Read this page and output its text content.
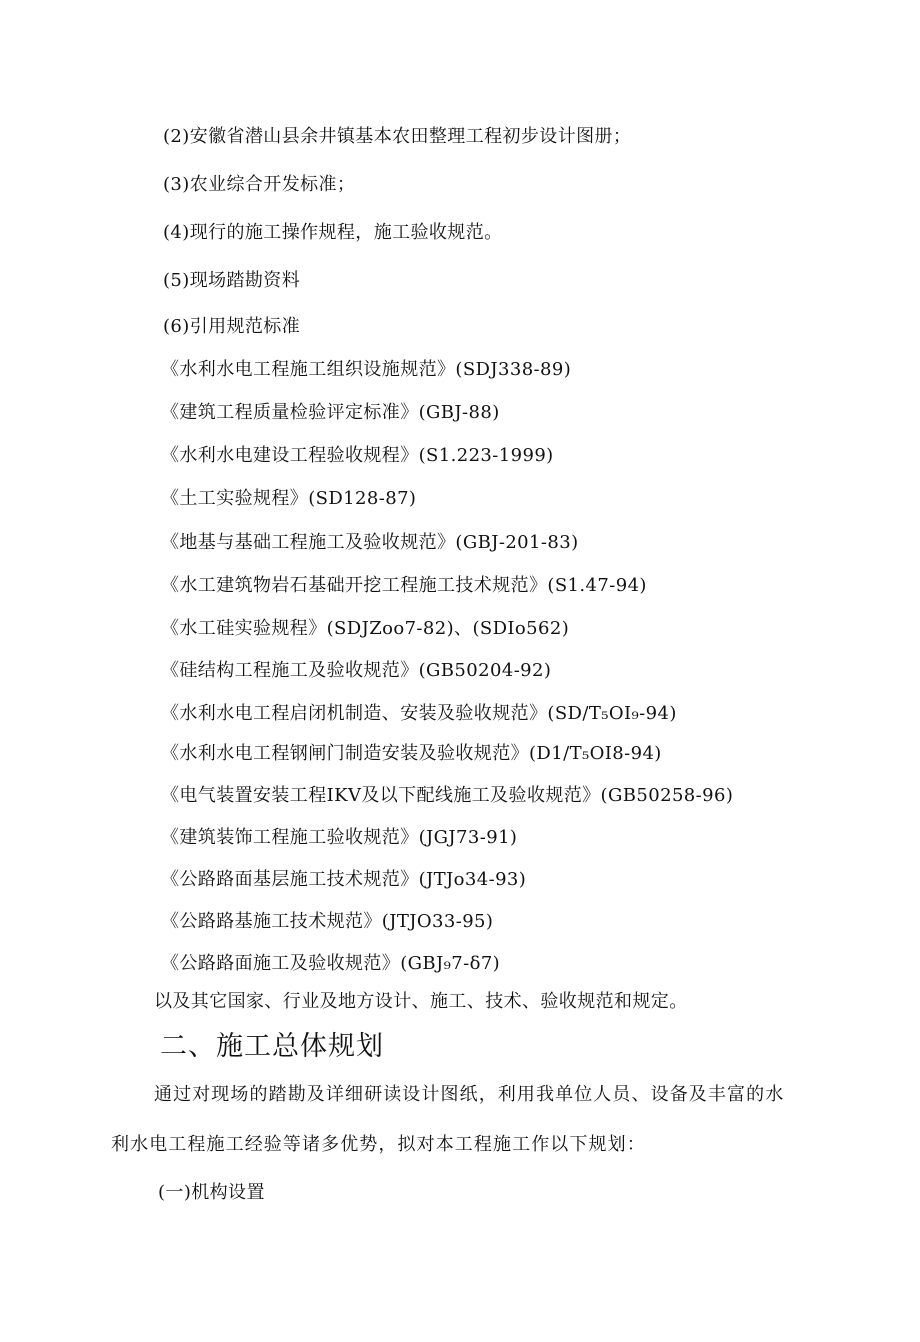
(2)安徽省潜山县余井镇基本农田整理工程初步设计图册；
(3)农业综合开发标准；
(4)现行的施工操作规程，施工验收规范。
(5)现场踏勘资料
(6)引用规范标准
《水利水电工程施工组织设施规范》(SDJ338-89)
《建筑工程质量检验评定标准》(GBJ-88)
《水利水电建设工程验收规程》(S1.223-1999)
《土工实验规程》(SD128-87)
《地基与基础工程施工及验收规范》(GBJ-201-83)
《水工建筑物岩石基础开挖工程施工技术规范》(S1.47-94)
《水工硅实验规程》(SDJZoo7-82)、(SDIo562)
《硅结构工程施工及验收规范》(GB50204-92)
《水利水电工程启闭机制造、安装及验收规范》(SD/T₅OI₉-94)
《水利水电工程钢闸门制造安装及验收规范》(D1/T₅OI8-94)
《电气装置安装工程IKV及以下配线施工及验收规范》(GB50258-96)
《建筑装饰工程施工验收规范》(JGJ73-91)
《公路路面基层施工技术规范》(JTJo34-93)
《公路路基施工技术规范》(JTJO33-95)
《公路路面施工及验收规范》(GBJ₉7-δ7)
以及其它国家、行业及地方设计、施工、技术、验收规范和规定。
二、施工总体规划
通过对现场的踏勘及详细研读设计图纸，利用我单位人员、设备及丰富的水
利水电工程施工经验等诸多优势，拟对本工程施工作以下规划：
(一)机构设置
